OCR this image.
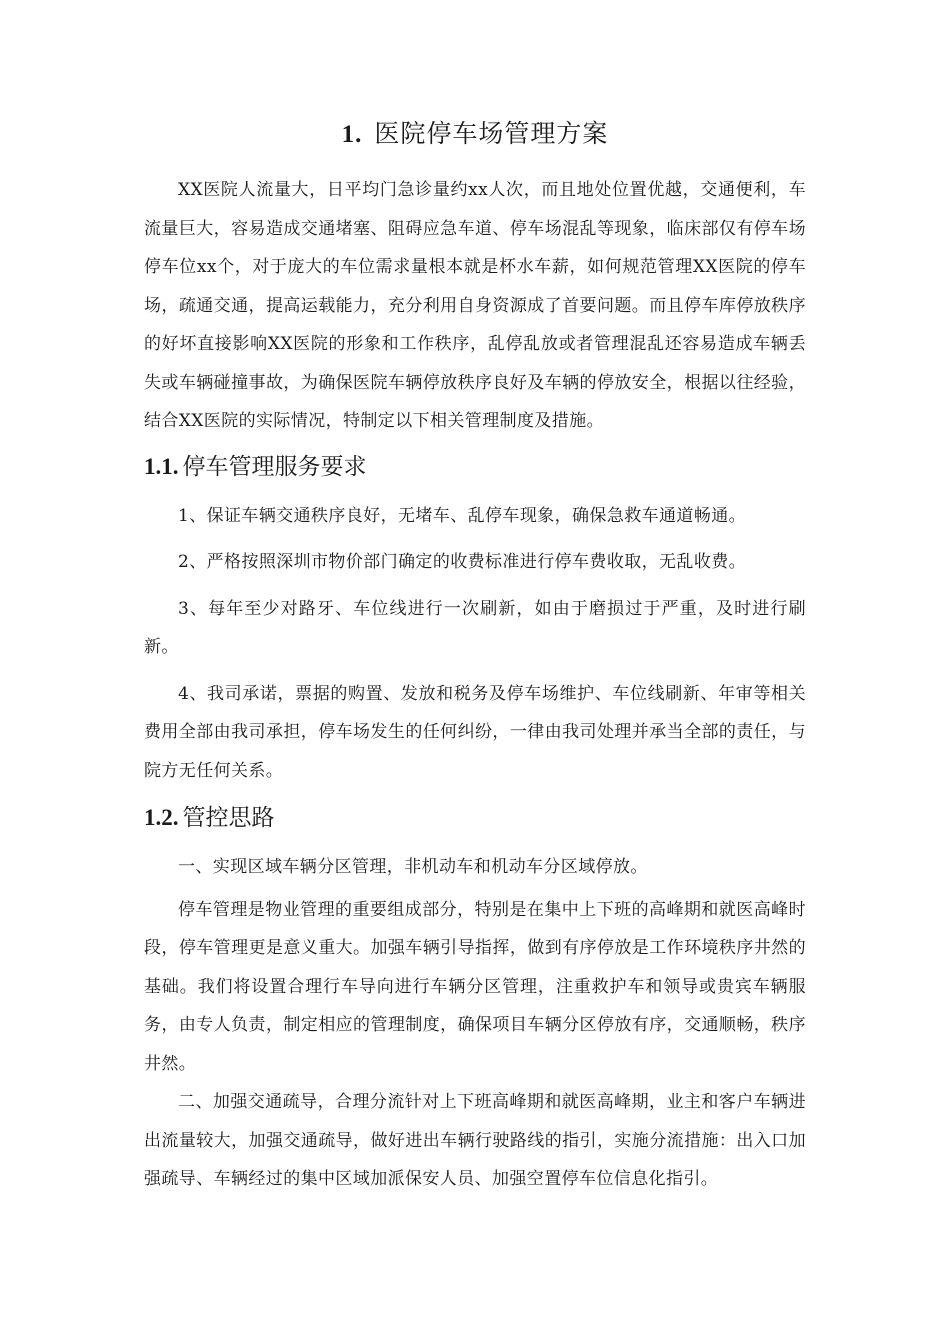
1. 医院停车场管理方案

XX医院人流量大，日平均门急诊量约xx人次，而且地处位置优越，交通便利，车流量巨大，容易造成交通堵塞、阻碍应急车道、停车场混乱等现象，临床部仅有停车场停车位xx个，对于庞大的车位需求量根本就是杯水车薪，如何规范管理XX医院的停车场，疏通交通，提高运载能力，充分利用自身资源成了首要问题。而且停车库停放秩序的好坏直接影响XX医院的形象和工作秩序，乱停乱放或者管理混乱还容易造成车辆丢失或车辆碰撞事故，为确保医院车辆停放秩序良好及车辆的停放安全，根据以往经验，结合XX医院的实际情况，特制定以下相关管理制度及措施。

1.1. 停车管理服务要求

1、保证车辆交通秩序良好，无堵车、乱停车现象，确保急救车通道畅通。

2、严格按照深圳市物价部门确定的收费标准进行停车费收取，无乱收费。

3、每年至少对路牙、车位线进行一次刷新，如由于磨损过于严重，及时进行刷新。

4、我司承诺，票据的购置、发放和税务及停车场维护、车位线刷新、年审等相关费用全部由我司承担，停车场发生的任何纠纷，一律由我司处理并承当全部的责任，与院方无任何关系。

1.2. 管控思路

一、实现区域车辆分区管理，非机动车和机动车分区域停放。

停车管理是物业管理的重要组成部分，特别是在集中上下班的高峰期和就医高峰时段，停车管理更是意义重大。加强车辆引导指挥，做到有序停放是工作环境秩序井然的基础。我们将设置合理行车导向进行车辆分区管理，注重救护车和领导或贵宾车辆服务，由专人负责，制定相应的管理制度，确保项目车辆分区停放有序，交通顺畅，秩序井然。

二、加强交通疏导，合理分流针对上下班高峰期和就医高峰期，业主和客户车辆进出流量较大，加强交通疏导，做好进出车辆行驶路线的指引，实施分流措施：出入口加强疏导、车辆经过的集中区域加派保安人员、加强空置停车位信息化指引。
